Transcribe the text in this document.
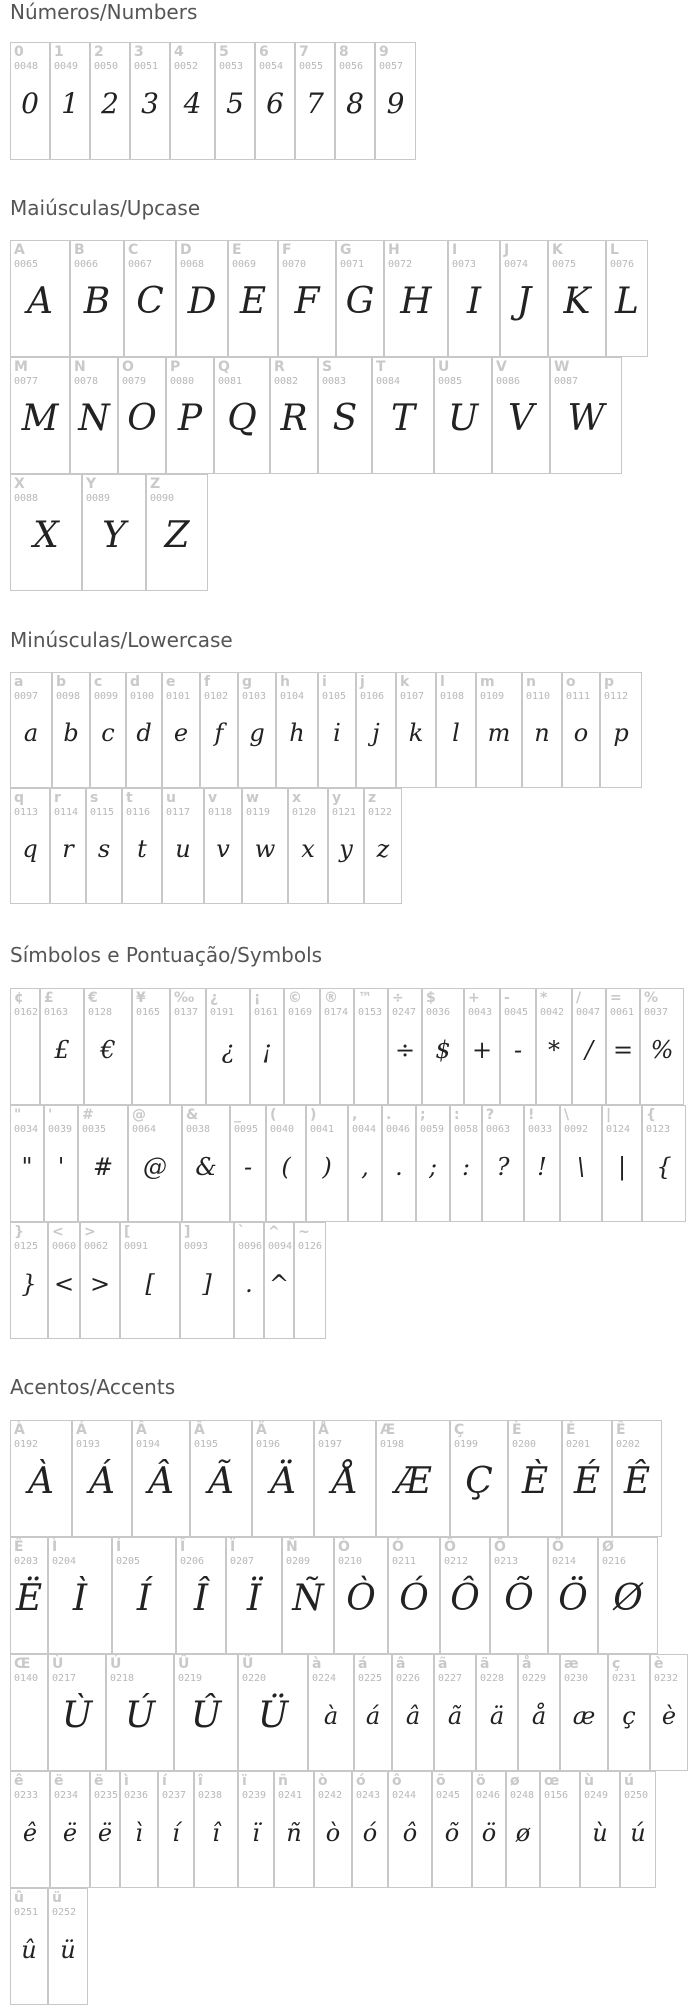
Números/Numbers
0
0048
0
1
0049
1
2
0050
2
3
0051
3
4
0052
4
5
0053
5
6
0054
6
7
0055
7
8
0056
8
9
0057
9
Maiúsculas/Upcase
A
0065
A
B
0066
B
C
0067
C
D
0068
D
E
0069
E
F
0070
F
G
0071
G
H
0072
H
I
0073
I
J
0074
J
K
0075
K
L
0076
L
M
0077
M
N
0078
N
O
0079
O
P
0080
P
Q
0081
Q
R
0082
R
S
0083
S
T
0084
T
U
0085
U
V
0086
V
W
0087
W
X
0088
X
Y
0089
Y
Z
0090
Z
Minúsculas/Lowercase
a
0097
a
b
0098
b
c
0099
c
d
0100
d
e
0101
e
f
0102
f
g
0103
g
h
0104
h
i
0105
i
j
0106
j
k
0107
k
l
0108
l
m
0109
m
n
0110
n
o
0111
o
p
0112
p
q
0113
q
r
0114
r
s
0115
s
t
0116
t
u
0117
u
v
0118
v
w
0119
w
x
0120
x
y
0121
y
z
0122
z
Símbolos e Pontuação/Symbols
¢
0162
£
0163
£
€
0128
€
¥
0165
‰
0137
¿
0191
¿
¡
0161
¡
©
0169
®
0174
™
0153
÷
0247
÷
$
0036
$
+
0043
+
-
0045
-
*
0042
*
/
0047
/
=
0061
=
%
0037
%
"
0034
"
'
0039
'
#
0035
#
@
0064
@
&
0038
&
_
0095
-
(
0040
(
)
0041
)
,
0044
,
.
0046
.
;
0059
;
:
0058
:
?
0063
?
!
0033
!
\
0092
\
|
0124
|
{
0123
{
}
0125
}
<
0060
<
>
0062
>
[
0091
[
]
0093
]
`
0096
.
^
0094
^
~
0126
Acentos/Accents
À
0192
À
Á
0193
Á
Â
0194
Â
Ã
0195
Ã
Ä
0196
Ä
Å
0197
Å
Æ
0198
Æ
Ç
0199
Ç
È
0200
È
É
0201
É
Ê
0202
Ê
Ë
0203
Ë
Ì
0204
Ì
Í
0205
Í
Î
0206
Î
Ï
0207
Ï
Ñ
0209
Ñ
Ò
0210
Ò
Ó
0211
Ó
Ô
0212
Ô
Õ
0213
Õ
Ö
0214
Ö
Ø
0216
Ø
Œ
0140
Ù
0217
Ù
Ú
0218
Ú
Û
0219
Û
Ü
0220
Ü
à
0224
à
á
0225
á
â
0226
â
ã
0227
ã
ä
0228
ä
å
0229
å
æ
0230
æ
ç
0231
ç
è
0232
è
ê
0233
ê
ë
0234
ë
ë
0235
ë
ì
0236
ì
í
0237
í
î
0238
î
ï
0239
ï
ñ
0241
ñ
ò
0242
ò
ó
0243
ó
ô
0244
ô
õ
0245
õ
ö
0246
ö
ø
0248
ø
œ
0156
ù
0249
ù
ú
0250
ú
û
0251
û
ü
0252
ü
